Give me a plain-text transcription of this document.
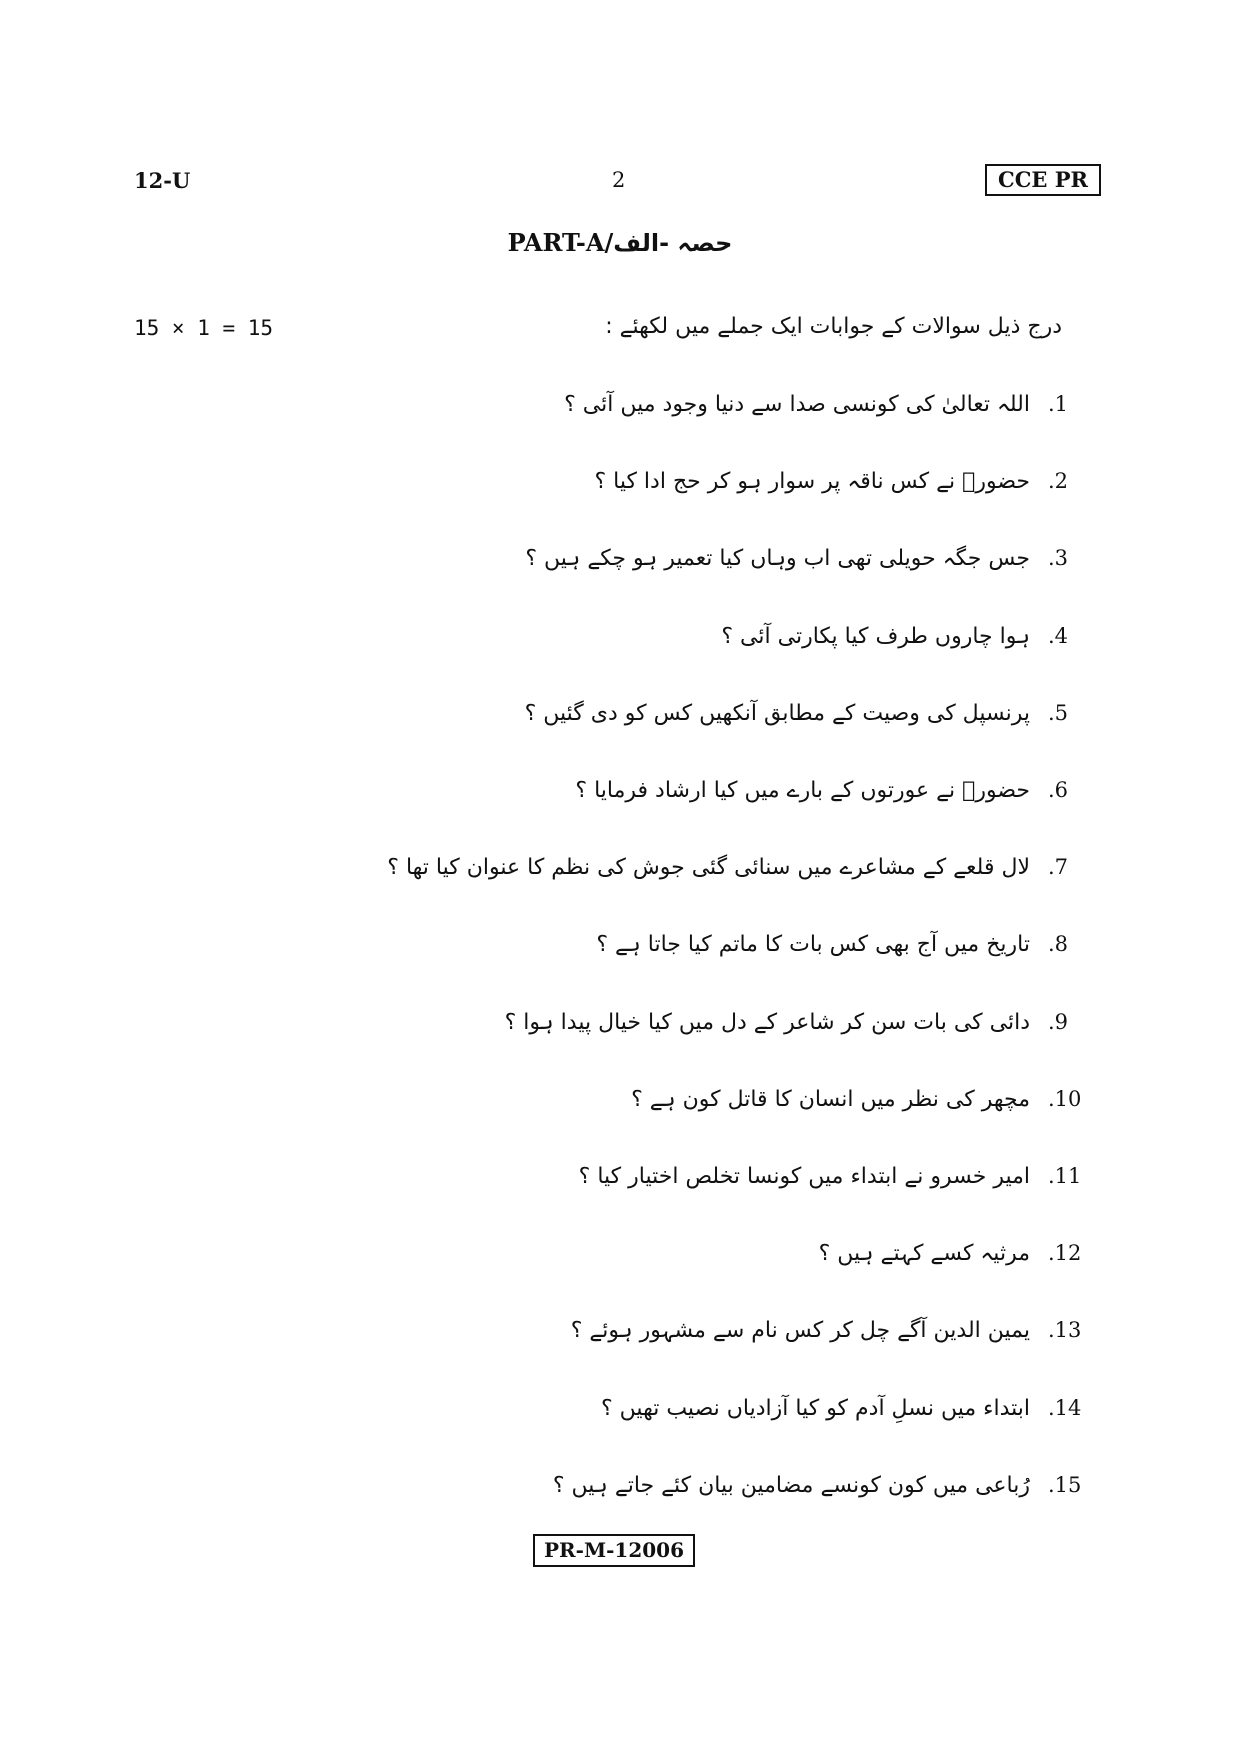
12-U	2	CCE PR
PART-A/حصہ -الف
15 × 1 = 15	درج ذیل سوالات کے جوابات ایک جملے میں لکھئے :
.1
اللہ تعالیٰ کی کونسی صدا سے دنیا وجود میں آئی ؟
.2
حضورؐ نے کس ناقہ پر سوار ہو کر حج ادا کیا ؟
.3
جس جگہ حویلی تھی اب وہاں کیا تعمیر ہو چکے ہیں ؟
.4
ہوا چاروں طرف کیا پکارتی آئی ؟
.5
پرنسپل کی وصیت کے مطابق آنکھیں کس کو دی گئیں ؟
.6
حضورؐ نے عورتوں کے بارے میں کیا ارشاد فرمایا ؟
.7
لال قلعے کے مشاعرے میں سنائی گئی جوش کی نظم کا عنوان کیا تھا ؟
.8
تاریخ میں آج بھی کس بات کا ماتم کیا جاتا ہے ؟
.9
دائی کی بات سن کر شاعر کے دل میں کیا خیال پیدا ہوا ؟
.10
مچھر کی نظر میں انسان کا قاتل کون ہے ؟
.11
امیر خسرو نے ابتداء میں کونسا تخلص اختیار کیا ؟
.12
مرثیہ کسے کہتے ہیں ؟
.13
یمین الدین آگے چل کر کس نام سے مشہور ہوئے ؟
.14
ابتداء میں نسلِ آدم کو کیا آزادیاں نصیب تھیں ؟
.15
رُباعی میں کون کونسے مضامین بیان کئے جاتے ہیں ؟
PR-M-12006
